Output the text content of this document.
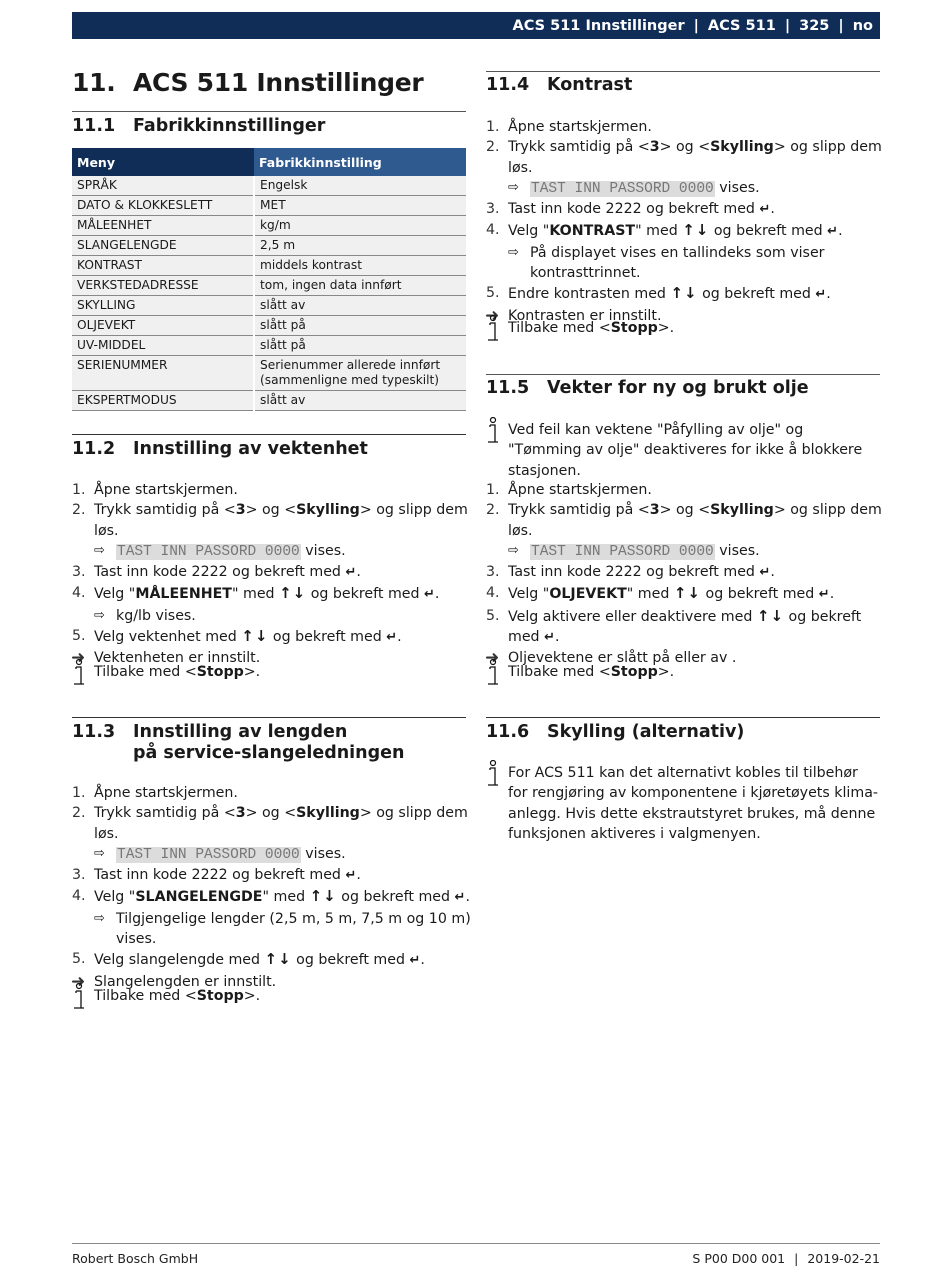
ACS 511 Innstillinger | ACS 511 | 325 | no
11. ACS 511 Innstillinger
11.1 Fabrikkinnstillinger
Meny	Fabrikkinnstilling
SPRÅK	Engelsk
DATO & KLOKKESLETT	MET
MÅLEENHET	kg/m
SLANGELENGDE	2,5 m
KONTRAST	middels kontrast
VERKSTEDADRESSE	tom, ingen data innført
SKYLLING	slått av
OLJEVEKT	slått på
UV-MIDDEL	slått på
SERIENUMMER	Serienummer allerede innført (sammenligne med typeskilt)
EKSPERTMODUS	slått av
11.2 Innstilling av vektenhet
1. Åpne startskjermen.
2. Trykk samtidig på <3> og <Skylling> og slipp dem løs.
⇨ TAST INN PASSORD 0000 vises.
3. Tast inn kode 2222 og bekreft med ↵.
4. Velg "MÅLEENHET" med ↑↓ og bekreft med ↵.
⇨ kg/lb vises.
5. Velg vektenhet med ↑↓ og bekreft med ↵.
➜ Vektenheten er innstilt.
Tilbake med <Stopp>.
11.3 Innstilling av lengden
på service-slangeledningen
1. Åpne startskjermen.
2. Trykk samtidig på <3> og <Skylling> og slipp dem løs.
⇨ TAST INN PASSORD 0000 vises.
3. Tast inn kode 2222 og bekreft med ↵.
4. Velg "SLANGELENGDE" med ↑↓ og bekreft med ↵.
⇨ Tilgjengelige lengder (2,5 m, 5 m, 7,5 m og 10 m) vises.
5. Velg slangelengde med ↑↓ og bekreft med ↵.
➜ Slangelengden er innstilt.
Tilbake med <Stopp>.
11.4 Kontrast
1. Åpne startskjermen.
2. Trykk samtidig på <3> og <Skylling> og slipp dem løs.
⇨ TAST INN PASSORD 0000 vises.
3. Tast inn kode 2222 og bekreft med ↵.
4. Velg "KONTRAST" med ↑↓ og bekreft med ↵.
⇨ På displayet vises en tallindeks som viser kontrasttrinnet.
5. Endre kontrasten med ↑↓ og bekreft med ↵.
➜ Kontrasten er innstilt.
Tilbake med <Stopp>.
11.5 Vekter for ny og brukt olje
Ved feil kan vektene "Påfylling av olje" og "Tømming av olje" deaktiveres for ikke å blokkere stasjonen.
1. Åpne startskjermen.
2. Trykk samtidig på <3> og <Skylling> og slipp dem løs.
⇨ TAST INN PASSORD 0000 vises.
3. Tast inn kode 2222 og bekreft med ↵.
4. Velg "OLJEVEKT" med ↑↓ og bekreft med ↵.
5. Velg aktivere eller deaktivere med ↑↓ og bekreft med ↵.
➜ Oljevektene er slått på eller av .
Tilbake med <Stopp>.
11.6 Skylling (alternativ)
For ACS 511 kan det alternativt kobles til tilbehør for rengjøring av komponentene i kjøretøyets klima-anlegg. Hvis dette ekstrautstyret brukes, må denne funksjonen aktiveres i valgmenyen.
Robert Bosch GmbH	S P00 D00 001 | 2019-02-21
